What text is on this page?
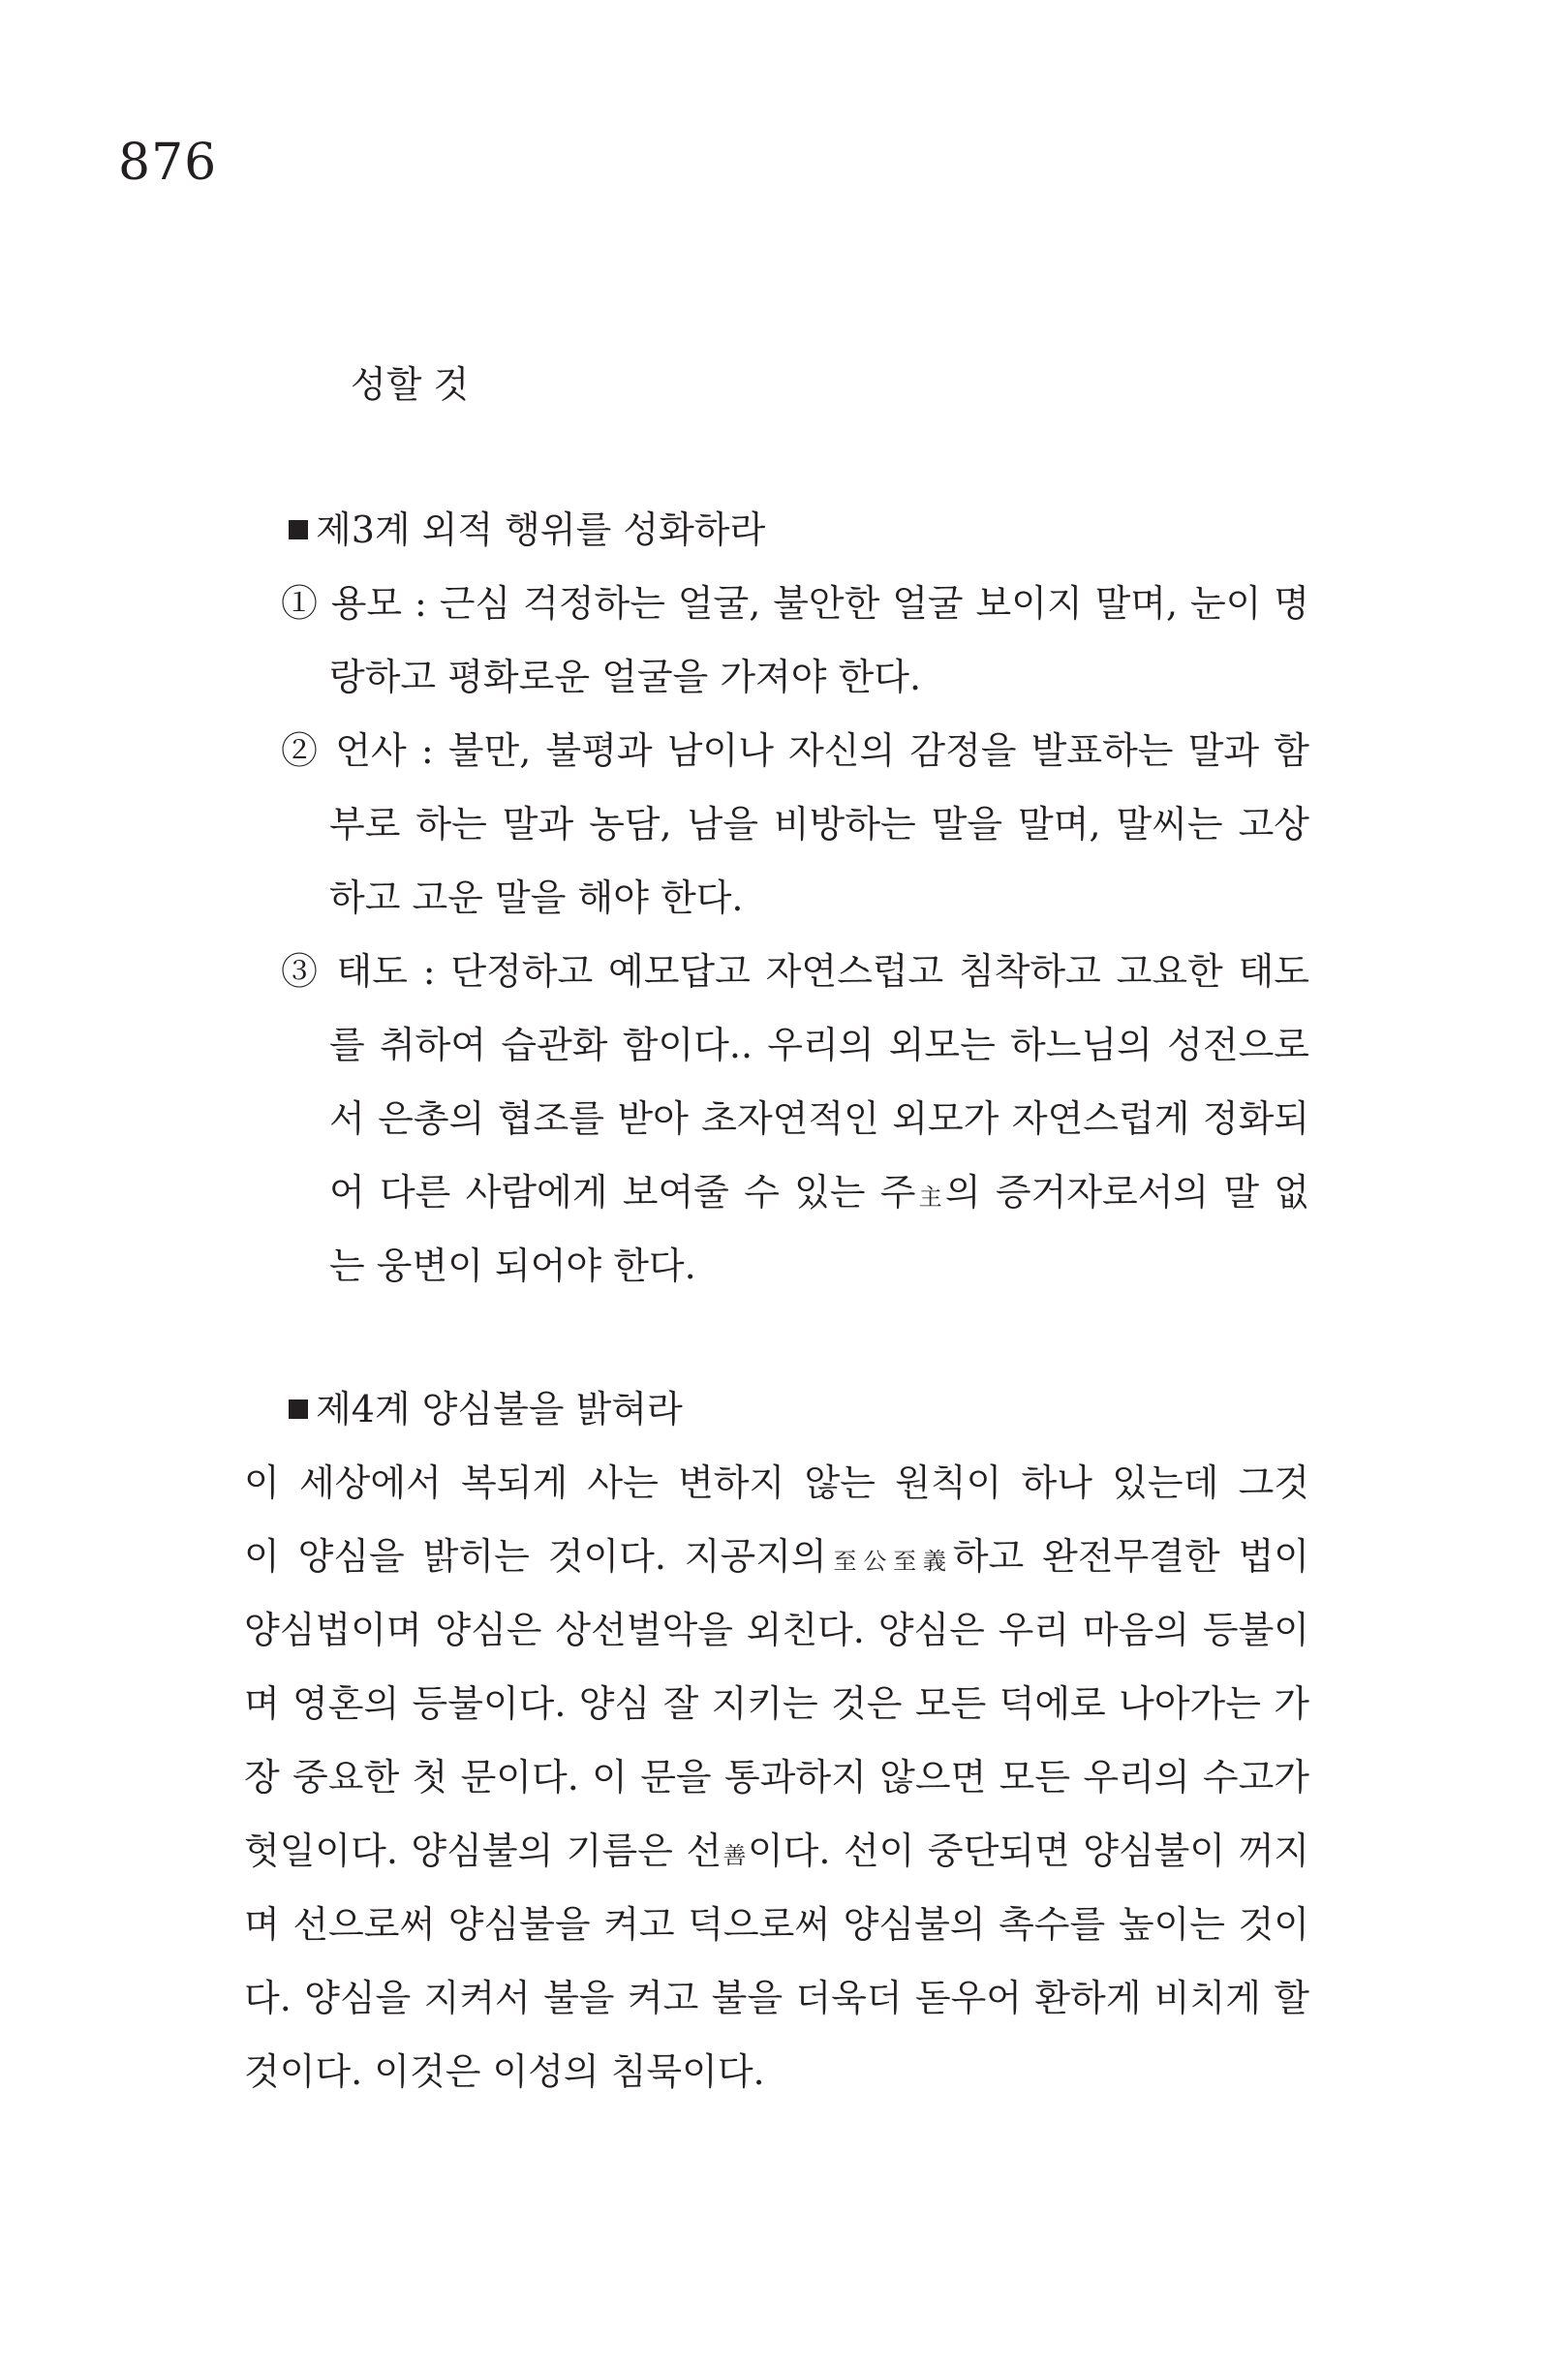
876
성할 것
제3계 외적 행위를 성화하라
① 용모 : 근심 걱정하는 얼굴, 불안한 얼굴 보이지 말며, 눈이 명
랑하고 평화로운 얼굴을 가져야 한다.
② 언사 : 불만, 불평과 남이나 자신의 감정을 발표하는 말과 함
부로 하는 말과 농담, 남을 비방하는 말을 말며, 말씨는 고상
하고 고운 말을 해야 한다.
③ 태도 : 단정하고 예모답고 자연스럽고 침착하고 고요한 태도
를 취하여 습관화 함이다.. 우리의 외모는 하느님의 성전으로
서 은총의 협조를 받아 초자연적인 외모가 자연스럽게 정화되
어 다른 사람에게 보여줄 수 있는 주主의 증거자로서의 말 없
는 웅변이 되어야 한다.
제4계 양심불을 밝혀라
이 세상에서 복되게 사는 변하지 않는 원칙이 하나 있는데 그것
이 양심을 밝히는 것이다. 지공지의至公至義하고 완전무결한 법이
양심법이며 양심은 상선벌악을 외친다. 양심은 우리 마음의 등불이
며 영혼의 등불이다. 양심 잘 지키는 것은 모든 덕에로 나아가는 가
장 중요한 첫 문이다. 이 문을 통과하지 않으면 모든 우리의 수고가
헛일이다. 양심불의 기름은 선善이다. 선이 중단되면 양심불이 꺼지
며 선으로써 양심불을 켜고 덕으로써 양심불의 촉수를 높이는 것이
다. 양심을 지켜서 불을 켜고 불을 더욱더 돋우어 환하게 비치게 할
것이다. 이것은 이성의 침묵이다.
